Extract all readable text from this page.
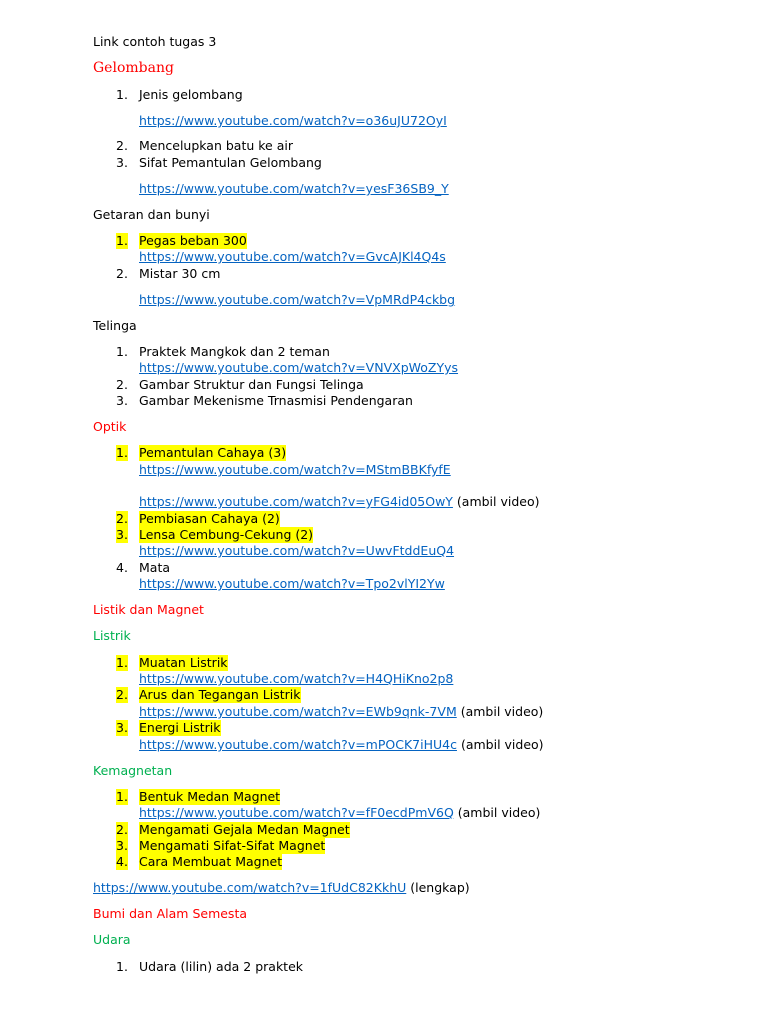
Link contoh tugas 3
Gelombang
1. Jenis gelombang
https://www.youtube.com/watch?v=o36uJU72OyI
2. Mencelupkan batu ke air
3. Sifat Pemantulan Gelombang
https://www.youtube.com/watch?v=yesF36SB9_Y
Getaran dan bunyi
1. Pegas beban 300
https://www.youtube.com/watch?v=GvcAJKl4Q4s
2. Mistar 30 cm
https://www.youtube.com/watch?v=VpMRdP4ckbg
Telinga
1. Praktek Mangkok dan 2 teman
https://www.youtube.com/watch?v=VNVXpWoZYys
2. Gambar Struktur dan Fungsi Telinga
3. Gambar Mekenisme Trnasmisi Pendengaran
Optik
1. Pemantulan Cahaya (3)
https://www.youtube.com/watch?v=MStmBBKfyfE
https://www.youtube.com/watch?v=yFG4id05OwY (ambil video)
2. Pembiasan Cahaya (2)
3. Lensa Cembung-Cekung (2)
https://www.youtube.com/watch?v=UwvFtddEuQ4
4. Mata
https://www.youtube.com/watch?v=Tpo2vlYI2Yw
Listik dan Magnet
Listrik
1. Muatan Listrik
https://www.youtube.com/watch?v=H4QHiKno2p8
2. Arus dan Tegangan Listrik
https://www.youtube.com/watch?v=EWb9qnk-7VM (ambil video)
3. Energi Listrik
https://www.youtube.com/watch?v=mPOCK7iHU4c (ambil video)
Kemagnetan
1. Bentuk Medan Magnet
https://www.youtube.com/watch?v=fF0ecdPmV6Q (ambil video)
2. Mengamati Gejala Medan Magnet
3. Mengamati Sifat-Sifat Magnet
4. Cara Membuat Magnet
https://www.youtube.com/watch?v=1fUdC82KkhU (lengkap)
Bumi dan Alam Semesta
Udara
1. Udara (lilin) ada 2 praktek
